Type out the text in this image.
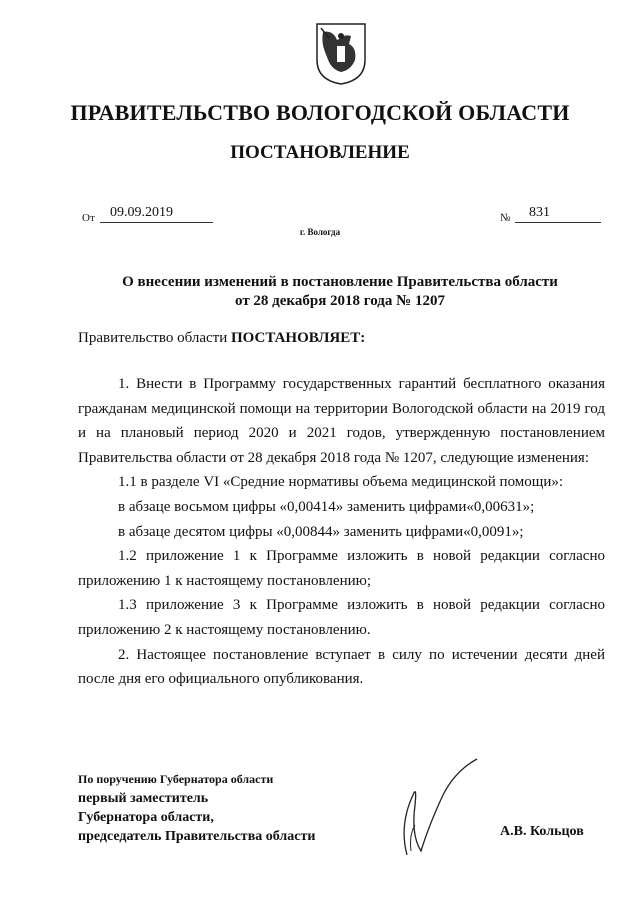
ПРАВИТЕЛЬСТВО ВОЛОГОДСКОЙ ОБЛАСТИ
ПОСТАНОВЛЕНИЕ
От	09.09.2019	№	831
г. Вологда
О внесении изменений в постановление Правительства области
от 28 декабря 2018 года № 1207
Правительство области ПОСТАНОВЛЯЕТ:

1. Внести в Программу государственных гарантий бесплатного оказания гражданам медицинской помощи на территории Вологодской области на 2019 год и на плановый период 2020 и 2021 годов, утвержденную постановлением Правительства области от 28 декабря 2018 года № 1207, следующие изменения:

1.1 в разделе VI «Средние нормативы объема медицинской помощи»:

в абзаце восьмом цифры «0,00414» заменить цифрами«0,00631»;

в абзаце десятом цифры «0,00844» заменить цифрами«0,0091»;

1.2 приложение 1 к Программе изложить в новой редакции согласно приложению 1 к настоящему постановлению;

1.3 приложение 3 к Программе изложить в новой редакции согласно приложению 2 к настоящему постановлению.

2. Настоящее постановление вступает в силу по истечении десяти дней после дня его официального опубликования.

По поручению Губернатора области
первый заместитель
Губернатора области,
председатель Правительства области	А.В. Кольцов
